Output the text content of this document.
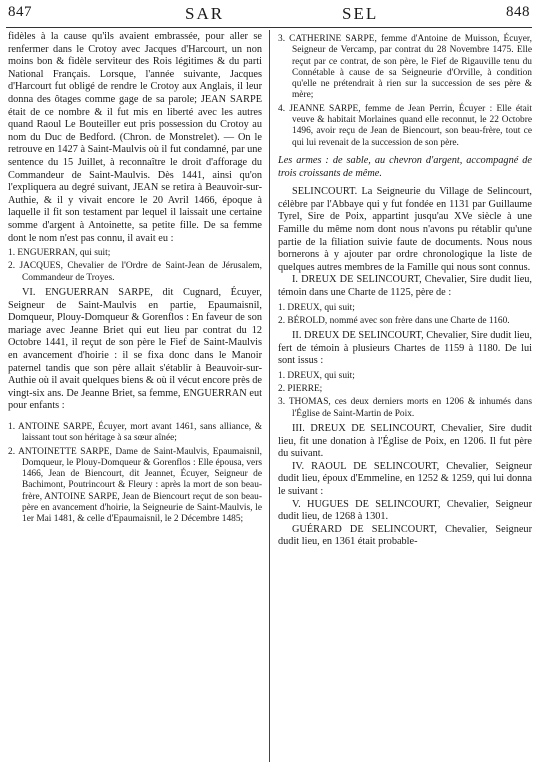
847	SAR	SEL	848

fidèles à la cause qu'ils avaient embrassée, pour aller se renfermer dans le Crotoy avec Jacques d'Harcourt, un non moins bon & fidèle serviteur des Rois légitimes & du parti National Français. Lorsque, l'année suivante, Jacques d'Harcourt fut obligé de rendre le Crotoy aux Anglais, il leur donna des ôtages comme gage de sa parole; JEAN SARPE était de ce nombre & il fut mis en liberté avec les autres quand Raoul Le Bouteiller eut pris possession du Crotoy au nom du Duc de Bedford. (Chron. de Monstrelet). — On le retrouve en 1427 à Saint-Maulvis où il fut condamné, par une sentence du 15 Juillet, à reconnaître le droit d'afforage du Commandeur de Saint-Maulvis. Dès 1441, ainsi qu'on l'expliquera au degré suivant, JEAN se retira à Beauvoir-sur-Authie, & il y vivait encore le 20 Avril 1466, époque à laquelle il fit son testament par lequel il laissait une certaine somme d'argent à Antoinette, sa petite fille. De sa femme dont le nom n'est pas connu, il avait eu :

1. ENGUERRAN, qui suit;
2. JACQUES, Chevalier de l'Ordre de Saint-Jean de Jérusalem, Commandeur de Troyes.

VI. ENGUERRAN SARPE, dit Cugnard, Écuyer, Seigneur de Saint-Maulvis en partie, Epaumaisnil, Domqueur, Plouy-Domqueur & Gorenflos : En faveur de son mariage avec Jeanne Briet qui eut lieu par contrat du 12 Octobre 1441, il reçut de son père le Fief de Saint-Maulvis en avancement d'hoirie : il se fixa donc dans le Manoir paternel tandis que son père allait s'établir à Beauvoir-sur-Authie où il avait quelques biens & où il vécut encore près de vingt-six ans. De Jeanne Briet, sa femme, ENGUERRAN eut pour enfants :

1. ANTOINE SARPE, Écuyer, mort avant 1461, sans alliance, & laissant tout son héritage à sa sœur aînée;
2. ANTOINETTE SARPE, Dame de Saint-Maulvis, Epaumaisnil, Domqueur, le Plouy-Domqueur & Gorenflos : Elle épousa, vers 1466, Jean de Biencourt, dit Jeannet, Écuyer, Seigneur de Bachimont, Poutrincourt & Fleury : après la mort de son beau-frère, ANTOINE SARPE, Jean de Biencourt reçut de son beau-père en avancement d'hoirie, la Seigneurie de Saint-Maulvis, le 1er Mai 1481, & celle d'Epaumaisnil, le 2 Décembre 1485;
3. CATHERINE SARPE, femme d'Antoine de Muisson, Écuyer, Seigneur de Vercamp, par contrat du 28 Novembre 1475. Elle reçut par ce contrat, de son père, le Fief de Rigauville tenu du Connétable à cause de sa Seigneurie d'Orville, à condition qu'elle ne prétendrait à rien sur la succession de ses père & mère;
4. JEANNE SARPE, femme de Jean Perrin, Écuyer : Elle était veuve & habitait Morlaines quand elle reconnut, le 22 Octobre 1496, avoir reçu de Jean de Biencourt, son beau-frère, tout ce qui lui revenait de la succession de son père.

Les armes : de sable, au chevron d'argent, accompagné de trois croissants de même.

SELINCOURT. La Seigneurie du Village de Selincourt, célèbre par l'Abbaye qui y fut fondée en 1131 par Guillaume Tyrel, Sire de Poix, appartint jusqu'au XVe siècle à une Famille du même nom dont nous n'avons pu rétablir qu'une partie de la filiation suivie faute de documents. Nous nous bornerons à y ajouter par ordre chronologique la liste de quelques autres membres de la Famille qui nous sont connus.

I. DREUX DE SELINCOURT, Chevalier, Sire dudit lieu, témoin dans une Charte de 1125, père de :

1. DREUX, qui suit;
2. BÉROLD, nommé avec son frère dans une Charte de 1160.

II. DREUX DE SELINCOURT, Chevalier, Sire dudit lieu, fert de témoin à plusieurs Chartes de 1159 à 1180. De lui sont issus :

1. DREUX, qui suit;
2. PIERRE;
3. THOMAS, ces deux derniers morts en 1206 & inhumés dans l'Église de Saint-Martin de Poix.

III. DREUX DE SELINCOURT, Chevalier, Sire dudit lieu, fit une donation à l'Église de Poix, en 1206. Il fut père du suivant.

IV. RAOUL DE SELINCOURT, Chevalier, Seigneur dudit lieu, époux d'Emmeline, en 1252 & 1259, qui lui donna le suivant :

V. HUGUES DE SELINCOURT, Chevalier, Seigneur dudit lieu, de 1268 à 1301.

GUÉRARD DE SELINCOURT, Chevalier, Seigneur dudit lieu, en 1361 était probable-
